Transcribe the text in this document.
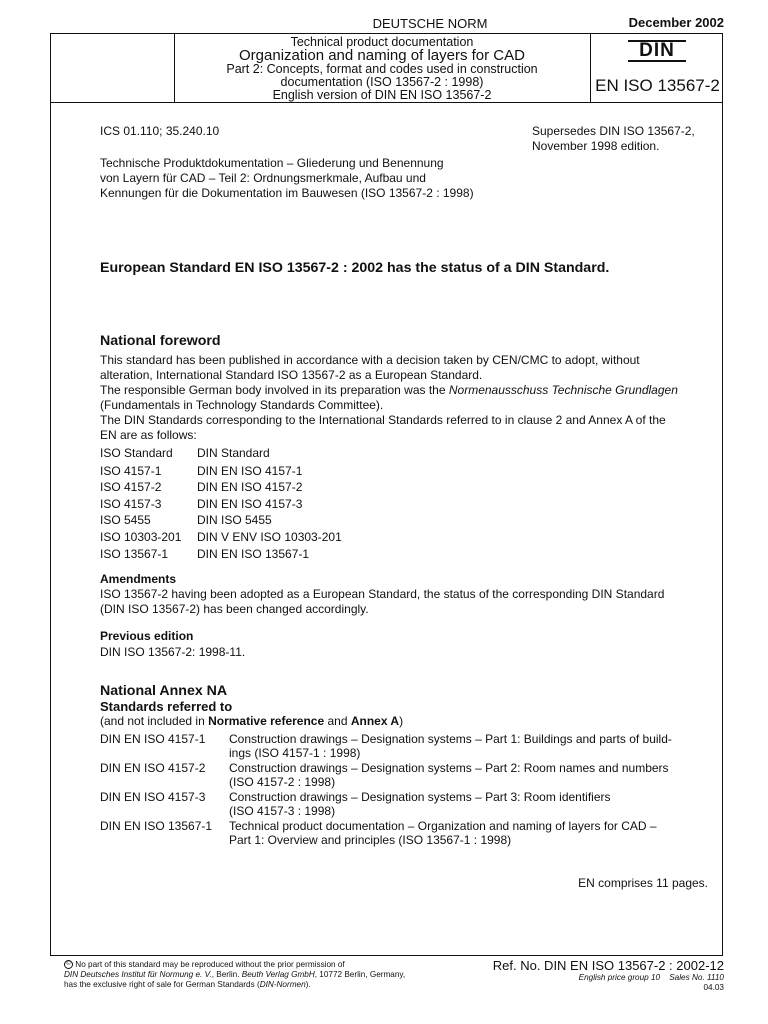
DEUTSCHE NORM	December 2002
Technical product documentation
Organization and naming of layers for CAD
Part 2: Concepts, format and codes used in construction
documentation (ISO 13567-2 : 1998)
English version of DIN EN ISO 13567-2
DIN
EN ISO 13567-2
ICS 01.110; 35.240.10	Supersedes DIN ISO 13567-2,
November 1998 edition.
Technische Produktdokumentation – Gliederung und Benennung
von Layern für CAD – Teil 2: Ordnungsmerkmale, Aufbau und
Kennungen für die Dokumentation im Bauwesen (ISO 13567-2 : 1998)
European Standard EN ISO 13567-2 : 2002 has the status of a DIN Standard.
National foreword
This standard has been published in accordance with a decision taken by CEN/CMC to adopt, without
alteration, International Standard ISO 13567-2 as a European Standard.
The responsible German body involved in its preparation was the Normenausschuss Technische Grundlagen
(Fundamentals in Technology Standards Committee).
The DIN Standards corresponding to the International Standards referred to in clause 2 and Annex A of the
EN are as follows:
ISO Standard DIN Standard
ISO 4157-1	DIN EN ISO 4157-1
ISO 4157-2	DIN EN ISO 4157-2
ISO 4157-3	DIN EN ISO 4157-3
ISO 5455	DIN ISO 5455
ISO 10303-201 DIN V ENV ISO 10303-201
ISO 13567-1 DIN EN ISO 13567-1
Amendments
ISO 13567-2 having been adopted as a European Standard, the status of the corresponding DIN Standard
(DIN ISO 13567-2) has been changed accordingly.
Previous edition
DIN ISO 13567-2: 1998-11.
National Annex NA
Standards referred to
(and not included in Normative reference and Annex A)
DIN EN ISO 4157-1	Construction drawings – Designation systems – Part 1: Buildings and parts of build-
ings (ISO 4157-1 : 1998)
DIN EN ISO 4157-2	Construction drawings – Designation systems – Part 2: Room names and numbers
(ISO 4157-2 : 1998)
DIN EN ISO 4157-3	Construction drawings – Designation systems – Part 3: Room identifiers
(ISO 4157-3 : 1998)
DIN EN ISO 13567-1	Technical product documentation – Organization and naming of layers for CAD –
Part 1: Overview and principles (ISO 13567-1 : 1998)
EN comprises 11 pages.
© No part of this standard may be reproduced without the prior permission of
DIN Deutsches Institut für Normung e. V., Berlin. Beuth Verlag GmbH, 10772 Berlin, Germany,
has the exclusive right of sale for German Standards (DIN-Normen).
Ref. No. DIN EN ISO 13567-2 : 2002-12
English price group 10 Sales No. 1110
04.03
